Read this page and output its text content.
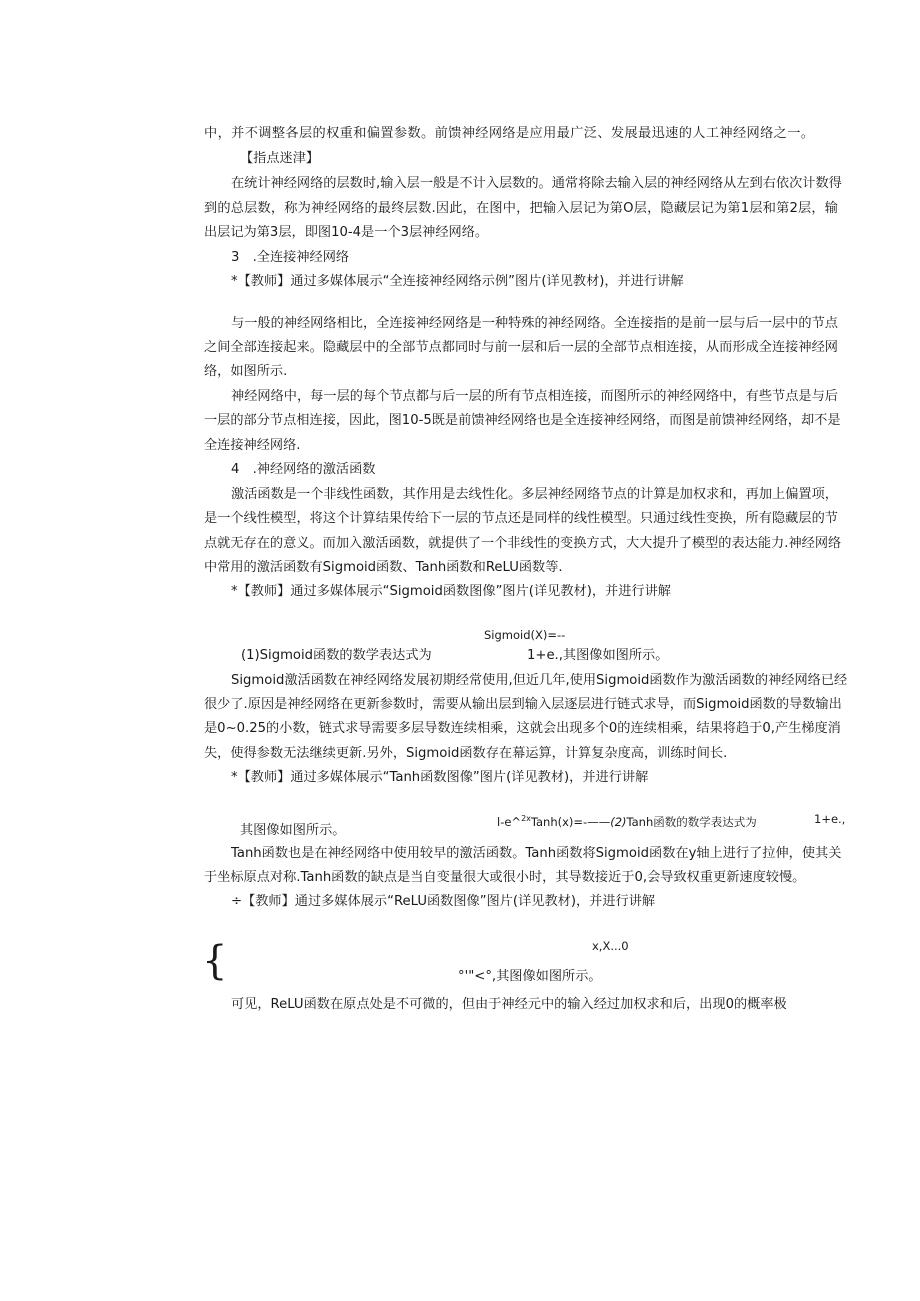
中，并不调整各层的权重和偏置参数。前馈神经网络是应用最广泛、发展最迅速的人工神经网络之一。
【指点迷津】
在统计神经网络的层数时,输入层一般是不计入层数的。通常将除去输入层的神经网络从左到右依次计数得
到的总层数，称为神经网络的最终层数.因此，在图中，把输入层记为第O层，隐藏层记为第1层和第2层，输
出层记为第3层，即图10-4是一个3层神经网络。
3　.全连接神经网络
*【教师】通过多媒体展示“全连接神经网络示例”图片(详见教材)，并进行讲解
与一般的神经网络相比，全连接神经网络是一种特殊的神经网络。全连接指的是前一层与后一层中的节点
之间全部连接起来。隐藏层中的全部节点都同时与前一层和后一层的全部节点相连接，从而形成全连接神经网
络，如图所示.
神经网络中，每一层的每个节点都与后一层的所有节点相连接，而图所示的神经网络中，有些节点是与后
一层的部分节点相连接，因此，图10-5既是前馈神经网络也是全连接神经网络，而图是前馈神经网络，却不是
全连接神经网络.
4　.神经网络的激活函数
激活函数是一个非线性函数，其作用是去线性化。多层神经网络节点的计算是加权求和，再加上偏置项，
是一个线性模型，将这个计算结果传给下一层的节点还是同样的线性模型。只通过线性变换，所有隐藏层的节
点就无存在的意义。而加入激活函数，就提供了一个非线性的变换方式，大大提升了模型的表达能力.神经网络
中常用的激活函数有Sigmoid函数、Tanh函数和ReLU函数等.
*【教师】通过多媒体展示“Sigmoid函数图像”图片(详见教材)，并进行讲解
Sigmoid(X)=--
(1)Sigmoid函数的数学表达式为	1+e.,其图像如图所示。
Sigmoid激活函数在神经网络发展初期经常使用,但近几年,使用Sigmoid函数作为激活函数的神经网络已经
很少了.原因是神经网络在更新参数时，需要从输出层到输入层逐层进行链式求导，而Sigmoid函数的导数输出
是0~0.25的小数，链式求导需要多层导数连续相乘，这就会出现多个0的连续相乘，结果将趋于0,产生梯度消
失，使得参数无法继续更新.另外，Sigmoid函数存在幕运算，计算复杂度高，训练时间长.
*【教师】通过多媒体展示“Tanh函数图像”图片(详见教材)，并进行讲解
l-e^$^{2x}$Tanh(x)=-——(2)Tanh函数的数学表达式为	1+e.,
其图像如图所示。
Tanh函数也是在神经网络中使用较早的激活函数。Tanh函数将Sigmoid函数在y轴上进行了拉伸，使其关
于坐标原点对称.Tanh函数的缺点是当自变量很大或很小时，其导数接近于0,会导致权重更新速度较慢。
÷【教师】通过多媒体展示“ReLU函数图像”图片(详见教材)，并进行讲解
{	x,X...0
°'"<°,其图像如图所示。
可见，ReLU函数在原点处是不可微的，但由于神经元中的输入经过加权求和后，出现0的概率极
